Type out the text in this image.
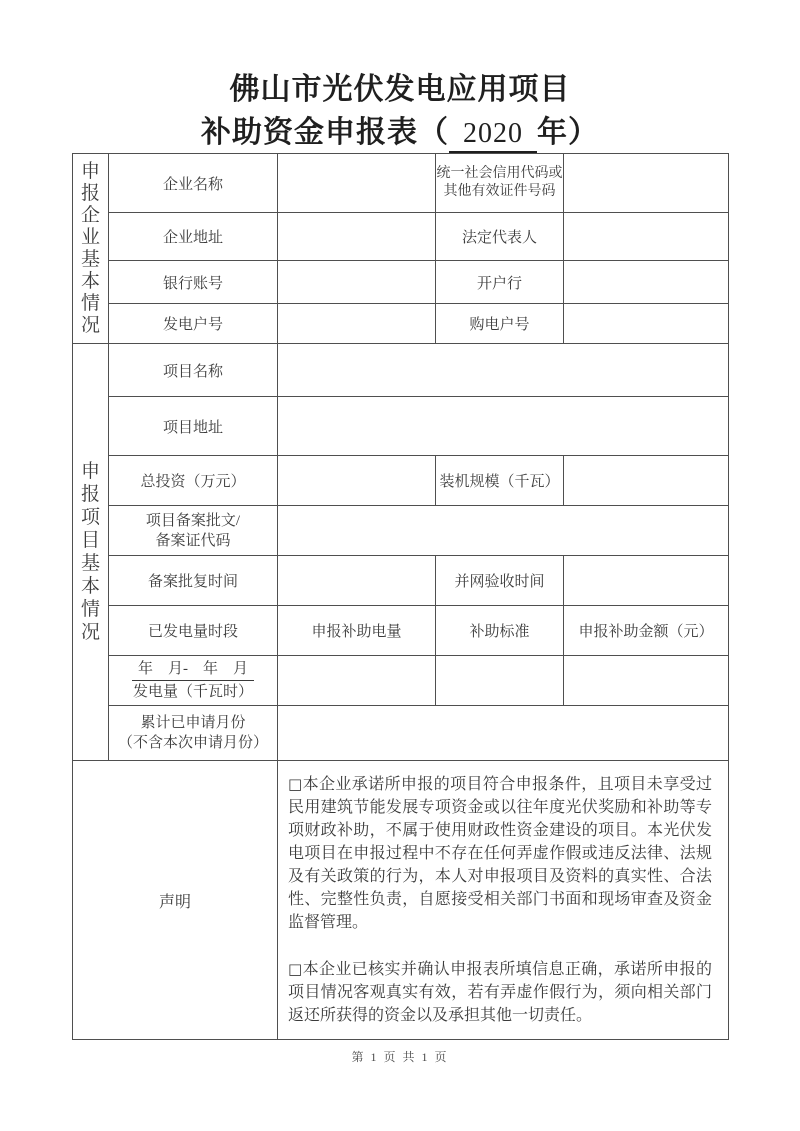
佛山市光伏发电应用项目
补助资金申报表（ 2020 年）
申报企业基本情况	企业名称		统一社会信用代码或其他有效证件号码	

	企业地址		法定代表人	
	银行账号		开户行	
	发电户号		购电户号	

申报项目基本情况	项目名称			
	项目地址			
	总投资（万元）		装机规模（千瓦）	

	项目备案批文/
备案证代码			

	备案批复时间		并网验收时间	
	已发电量时段	申报补助电量	补助标准	申报补助金额（元）

	年　月-　年　月
发电量（千瓦时）			

	累计已申请月份
（不含本次申请月份）			

声明		□本企业承诺所申报的项目符合申报条件，且项目未享受过民用建筑节能发展专项资金或以往年度光伏奖励和补助等专项财政补助，不属于使用财政性资金建设的项目。本光伏发电项目在申报过程中不存在任何弄虚作假或违反法律、法规及有关政策的行为，本人对申报项目及资料的真实性、合法性、完整性负责，自愿接受相关部门书面和现场审查及资金监督管理。
□本企业已核实并确认申报表所填信息正确，承诺所申报的项目情况客观真实有效，若有弄虚作假行为，须向相关部门返还所获得的资金以及承担其他一切责任。		
第 1 页 共 1 页
